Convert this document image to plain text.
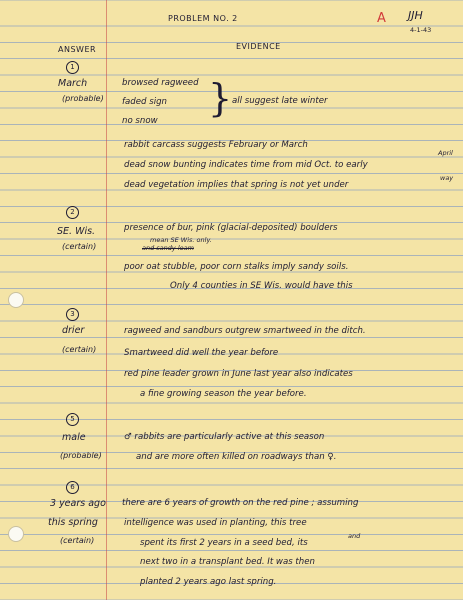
PROBLEM NO. 2	A JJH
4-1-43
ANSWER	EVIDENCE
1
March
(probable)
browsed ragweed
faded sign
no snow
} all suggest late winter
rabbit carcass suggests February or March
dead snow bunting indicates time from mid Oct. to early
April
dead vegetation implies that spring is not yet under
way
2
SE. Wis.
(certain)
presence of bur, pink (glacial-deposited) boulders
mean SE Wis. only.
and sandy loam
poor oat stubble, poor corn stalks imply sandy soils.
Only 4 counties in SE Wis. would have this
3
drier
(certain)
ragweed and sandburs outgrew smartweed in the ditch.
Smartweed did well the year before
red pine leader grown in June last year also indicates
a fine growing season the year before.
5
male
(probable)
♂ rabbits are particularly active at this season
and are more often killed on roadways than ♀.
6
3 years ago
this spring
(certain)
there are 6 years of growth on the red pine ; assuming
intelligence was used in planting, this tree
spent its first 2 years in a seed bed, its
and
next two in a transplant bed. It was then
planted 2 years ago last spring.
